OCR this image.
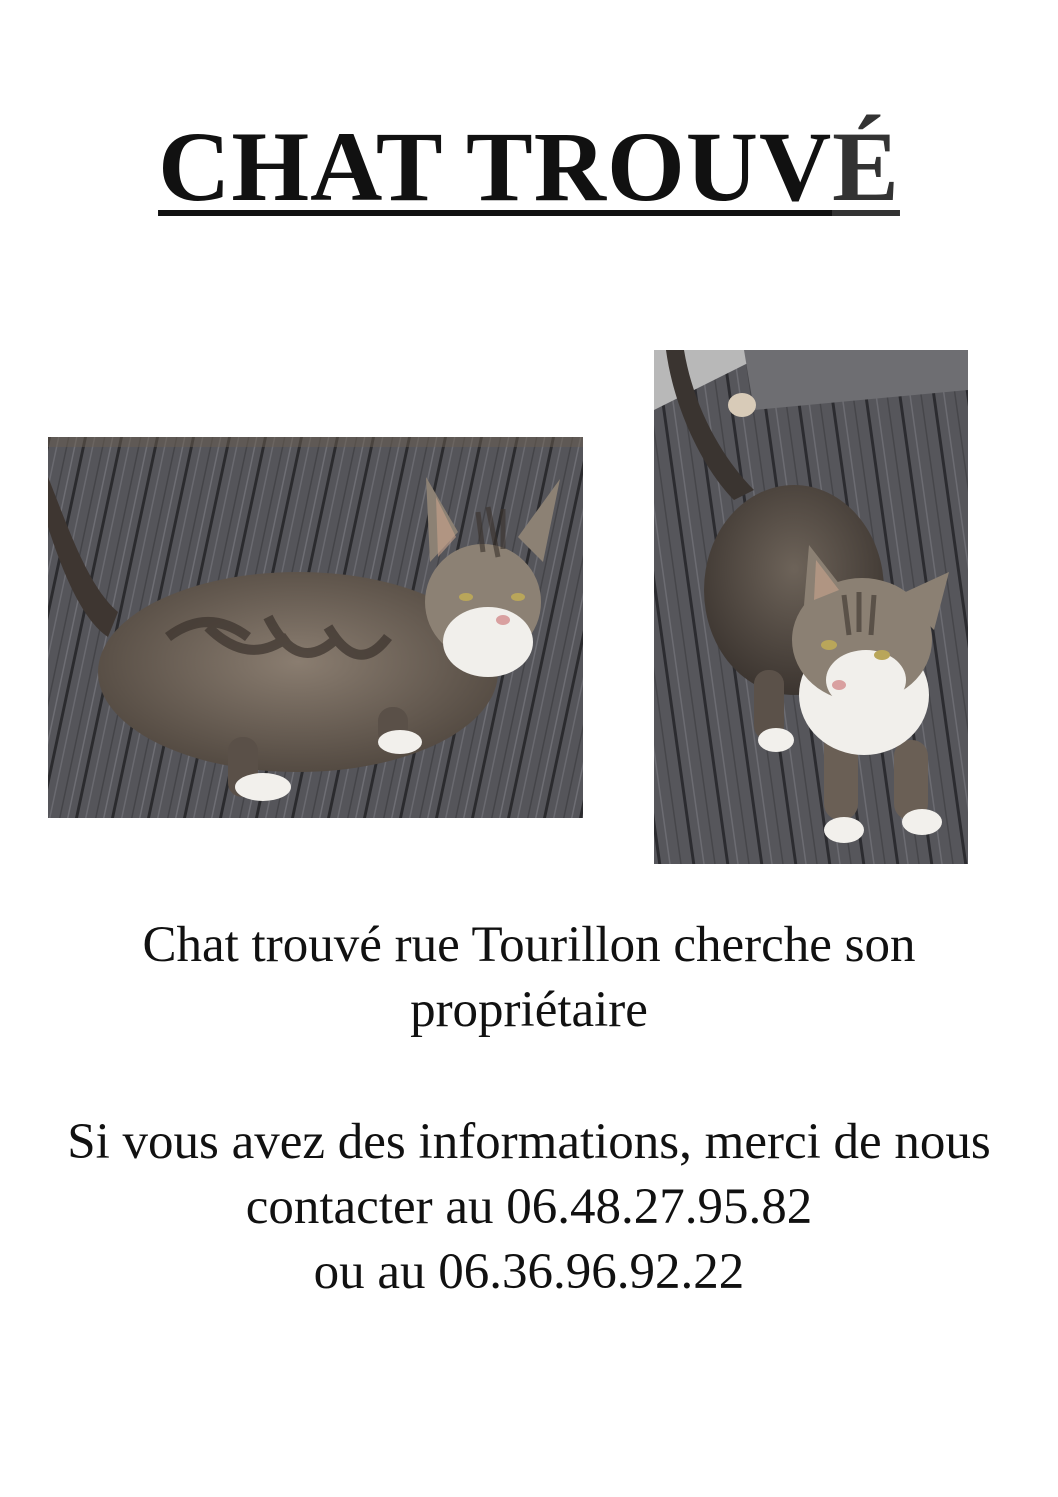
CHAT TROUVÉ

Chat trouvé rue Tourillon cherche son propriétaire

Si vous avez des informations, merci de nous contacter au 06.48.27.95.82
ou au 06.36.96.92.22
